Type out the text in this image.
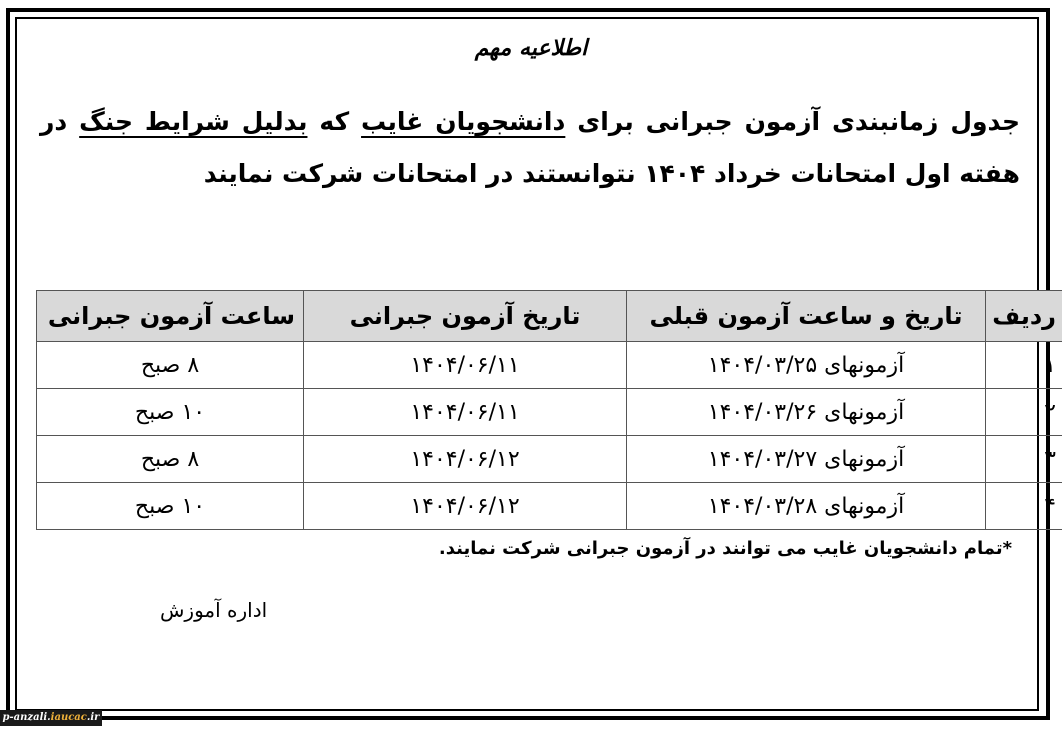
اطلاعیه مهم
جدول زمانبندی آزمون جبرانی برای دانشجویان غایب که بدلیل شرایط جنگ در هفته اول امتحانات خرداد ۱۴۰۴ نتوانستند در امتحانات شرکت نمایند
ردیف	تاریخ و ساعت آزمون قبلی	تاریخ آزمون جبرانی	ساعت آزمون جبرانی
۱	آزمونهای ۱۴۰۴/۰۳/۲۵	۱۴۰۴/۰۶/۱۱	۸ صبح
۲	آزمونهای ۱۴۰۴/۰۳/۲۶	۱۴۰۴/۰۶/۱۱	۱۰ صبح
۳	آزمونهای ۱۴۰۴/۰۳/۲۷	۱۴۰۴/۰۶/۱۲	۸ صبح
۴	آزمونهای ۱۴۰۴/۰۳/۲۸	۱۴۰۴/۰۶/۱۲	۱۰ صبح
*تمام دانشجویان غایب می توانند در آزمون جبرانی شرکت نمایند.
اداره آموزش
p-anzali.iaucac.ir
